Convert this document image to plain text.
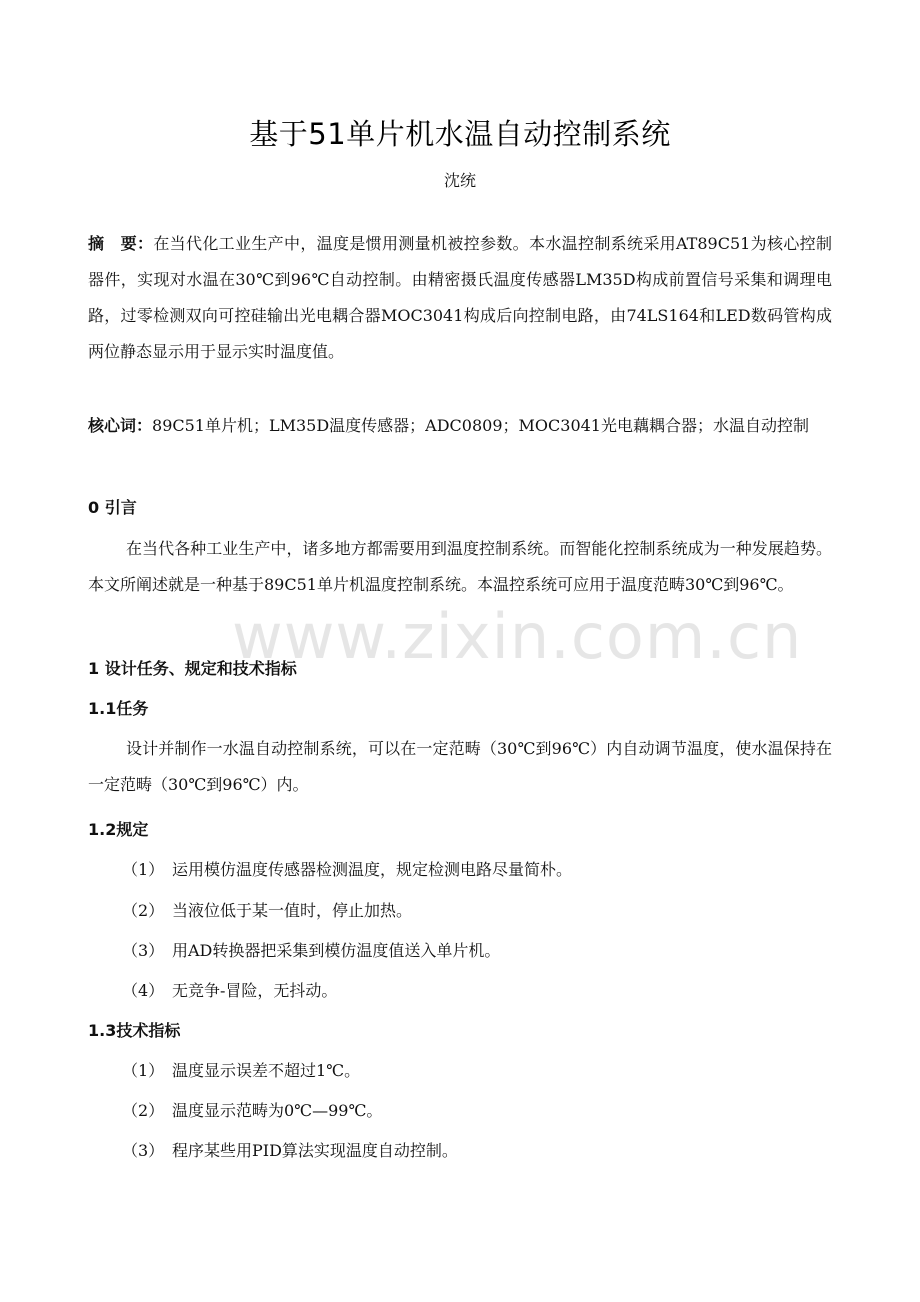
基于51单片机水温自动控制系统
沈统
摘　要：在当代化工业生产中，温度是惯用测量机被控参数。本水温控制系统采用AT89C51为核心控制器件，实现对水温在30℃到96℃自动控制。由精密摄氏温度传感器LM35D构成前置信号采集和调理电路，过零检测双向可控硅输出光电耦合器MOC3041构成后向控制电路，由74LS164和LED数码管构成两位静态显示用于显示实时温度值。
核心词：89C51单片机；LM35D温度传感器；ADC0809；MOC3041光电藕耦合器；水温自动控制
0 引言
在当代各种工业生产中，诸多地方都需要用到温度控制系统。而智能化控制系统成为一种发展趋势。本文所阐述就是一种基于89C51单片机温度控制系统。本温控系统可应用于温度范畴30℃到96℃。
1 设计任务、规定和技术指标
1.1任务
设计并制作一水温自动控制系统，可以在一定范畴（30℃到96℃）内自动调节温度，使水温保持在一定范畴（30℃到96℃）内。
1.2规定
（1） 运用模仿温度传感器检测温度，规定检测电路尽量简朴。
（2） 当液位低于某一值时，停止加热。
（3） 用AD转换器把采集到模仿温度值送入单片机。
（4） 无竞争-冒险，无抖动。
1.3技术指标
（1） 温度显示误差不超过1℃。
（2） 温度显示范畴为0℃—99℃。
（3） 程序某些用PID算法实现温度自动控制。
www.zixin.com.cn
